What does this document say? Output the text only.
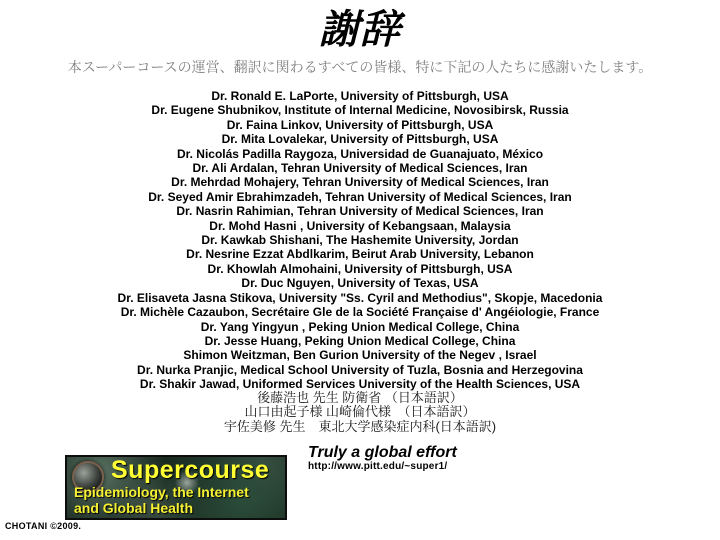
謝辞
本スーパーコースの運営、翻訳に関わるすべての皆様、特に下記の人たちに感謝いたします。
Dr. Ronald E. LaPorte, University of Pittsburgh, USA
Dr. Eugene Shubnikov, Institute of Internal Medicine, Novosibirsk, Russia
Dr. Faina Linkov, University of Pittsburgh, USA
Dr. Mita Lovalekar, University of Pittsburgh, USA
Dr. Nicolás Padilla Raygoza, Universidad de Guanajuato, México
Dr. Ali Ardalan, Tehran University of Medical Sciences, Iran
Dr. Mehrdad Mohajery, Tehran University of Medical Sciences, Iran
Dr. Seyed Amir Ebrahimzadeh, Tehran University of Medical Sciences, Iran
Dr. Nasrin Rahimian, Tehran University of Medical Sciences, Iran
Dr. Mohd Hasni , University of Kebangsaan, Malaysia
Dr. Kawkab Shishani, The Hashemite University, Jordan
Dr. Nesrine Ezzat Abdlkarim, Beirut Arab University, Lebanon
Dr. Khowlah Almohaini, University of Pittsburgh, USA
Dr. Duc Nguyen, University of Texas, USA
Dr. Elisaveta Jasna Stikova, University "Ss. Cyril and Methodius", Skopje, Macedonia
Dr. Michèle Cazaubon, Secrétaire Gle de la Société Française d' Angéiologie, France
Dr. Yang Yingyun , Peking Union Medical College, China
Dr. Jesse Huang, Peking Union Medical College, China
Shimon Weitzman, Ben Gurion University of the Negev , Israel
Dr. Nurka Pranjic, Medical School University of Tuzla, Bosnia and Herzegovina
Dr. Shakir Jawad, Uniformed Services University of the Health Sciences, USA
後藤浩也 先生 防衛省 （日本語訳）
山口由起子様 山崎倫代様　（日本語訳）
宇佐美修 先生　東北大学感染症内科(日本語訳)
Supercourse
Epidemiology, the Internet
and Global Health
Truly a global effort
http://www.pitt.edu/~super1/
CHOTANI ©2009.
